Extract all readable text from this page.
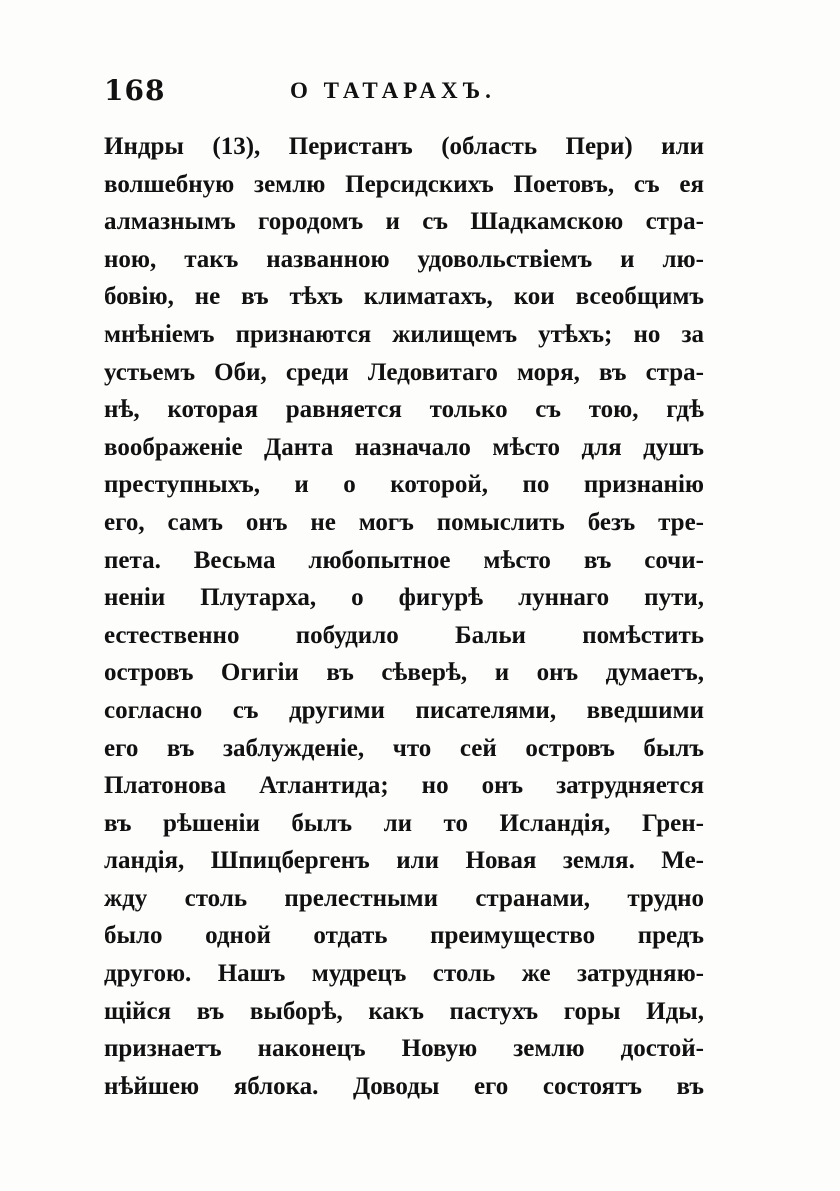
168	О ТАТАРАХЪ.
Индры (13), Перистанъ (область Пери) или
волшебную землю Персидскихъ Поетовъ, съ ея
алмазнымъ городомъ и съ Шадкамскою стра-
ною, такъ названною удовольствіемъ и лю-
бовію, не въ тѣхъ климатахъ, кои всеобщимъ
мнѣніемъ признаются жилищемъ утѣхъ; но за
устьемъ Оби, среди Ледовитаго моря, въ стра-
нѣ, которая равняется только съ тою, гдѣ
воображеніе Данта назначало мѣсто для душъ
преступныхъ, и о которой, по признанію
его, самъ онъ не могъ помыслить безъ тре-
пета. Весьма любопытное мѣсто въ сочи-
неніи Плутарха, о фигурѣ луннаго пути,
естественно побудило Бальи помѣстить
островъ Огигіи въ сѣверѣ, и онъ думаетъ,
согласно съ другими писателями, введшими
его въ заблужденіе, что сей островъ былъ
Платонова Атлантида; но онъ затрудняется
въ рѣшеніи былъ ли то Исландія, Грен-
ландія, Шпицбергенъ или Новая земля. Ме-
жду столь прелестными странами, трудно
было одной отдать преимущество предъ
другою. Нашъ мудрецъ столь же затрудняю-
щійся въ выборѣ, какъ пастухъ горы Иды,
признаетъ наконецъ Новую землю достой-
нѣйшею яблока. Доводы его состоятъ въ
